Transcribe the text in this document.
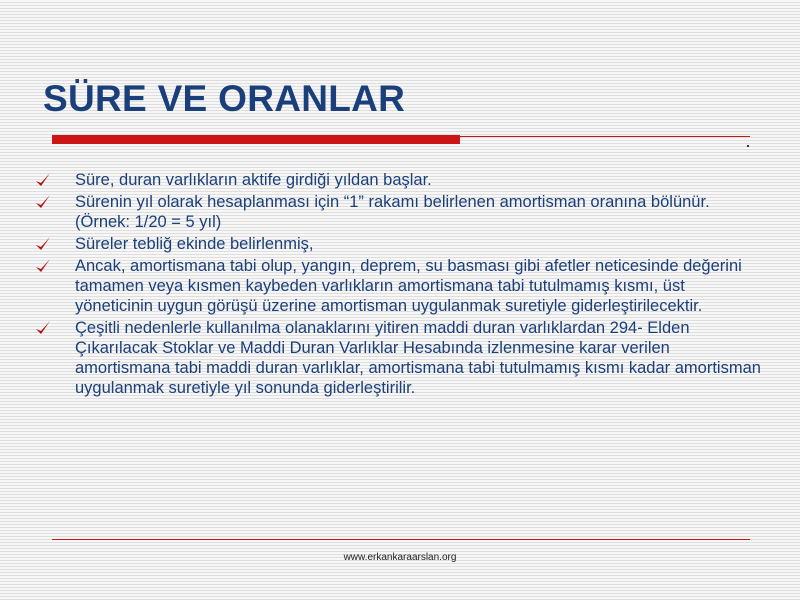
SÜRE VE ORANLAR
Süre, duran varlıkların aktife girdiği yıldan başlar.
Sürenin yıl olarak hesaplanması için “1” rakamı belirlenen amortisman oranına bölünür. (Örnek: 1/20 = 5 yıl)
Süreler tebliğ ekinde belirlenmiş,
Ancak, amortismana tabi olup, yangın, deprem, su basması gibi afetler neticesinde değerini tamamen veya kısmen kaybeden varlıkların amortismana tabi tutulmamış kısmı, üst yöneticinin uygun görüşü üzerine amortisman uygulanmak suretiyle giderleştirilecektir.
Çeşitli nedenlerle kullanılma olanaklarını yitiren maddi duran varlıklardan 294- Elden Çıkarılacak Stoklar ve Maddi Duran Varlıklar Hesabında izlenmesine karar verilen amortismana tabi maddi duran varlıklar, amortismana tabi tutulmamış kısmı kadar amortisman uygulanmak suretiyle yıl sonunda giderleştirilir.
www.erkankaraarslan.org
